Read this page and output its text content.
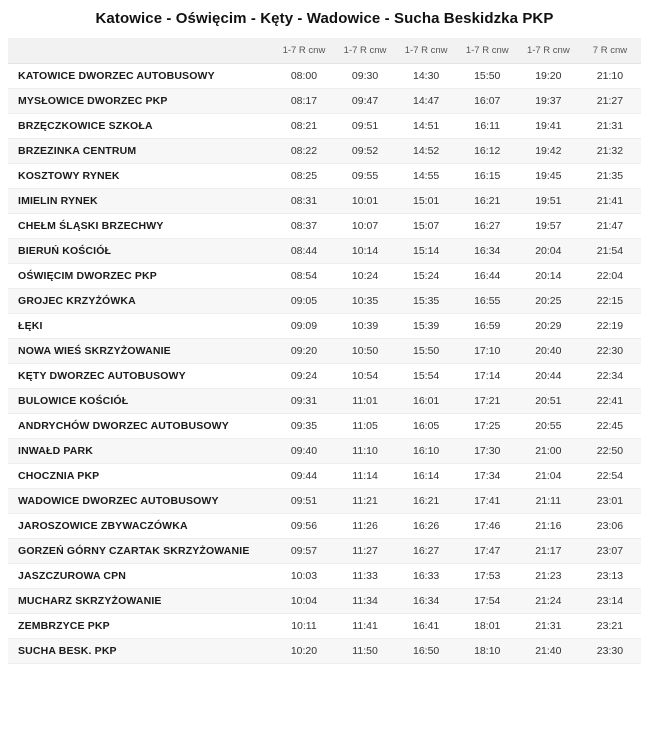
Katowice - Oświęcim - Kęty - Wadowice - Sucha Beskidzka PKP
	1-7 R cnw	1-7 R cnw	1-7 R cnw	1-7 R cnw	1-7 R cnw	7 R cnw
KATOWICE DWORZEC AUTOBUSOWY	08:00	09:30	14:30	15:50	19:20	21:10
MYSŁOWICE DWORZEC PKP	08:17	09:47	14:47	16:07	19:37	21:27
BRZĘCZKOWICE SZKOŁA	08:21	09:51	14:51	16:11	19:41	21:31
BRZEZINKA CENTRUM	08:22	09:52	14:52	16:12	19:42	21:32
KOSZTOWY RYNEK	08:25	09:55	14:55	16:15	19:45	21:35
IMIELIN RYNEK	08:31	10:01	15:01	16:21	19:51	21:41
CHEŁM ŚLĄSKI BRZECHWY	08:37	10:07	15:07	16:27	19:57	21:47
BIERUŃ KOŚCIÓŁ	08:44	10:14	15:14	16:34	20:04	21:54
OŚWIĘCIM DWORZEC PKP	08:54	10:24	15:24	16:44	20:14	22:04
GROJEC KRZYŻÓWKA	09:05	10:35	15:35	16:55	20:25	22:15
ŁĘKI	09:09	10:39	15:39	16:59	20:29	22:19
NOWA WIEŚ SKRZYŻOWANIE	09:20	10:50	15:50	17:10	20:40	22:30
KĘTY DWORZEC AUTOBUSOWY	09:24	10:54	15:54	17:14	20:44	22:34
BULOWICE KOŚCIÓŁ	09:31	11:01	16:01	17:21	20:51	22:41
ANDRYCHÓW DWORZEC AUTOBUSOWY	09:35	11:05	16:05	17:25	20:55	22:45
INWAŁD PARK	09:40	11:10	16:10	17:30	21:00	22:50
CHOCZNIA PKP	09:44	11:14	16:14	17:34	21:04	22:54
WADOWICE DWORZEC AUTOBUSOWY	09:51	11:21	16:21	17:41	21:11	23:01
JAROSZOWICE ZBYWACZÓWKA	09:56	11:26	16:26	17:46	21:16	23:06
GORZEŃ GÓRNY CZARTAK SKRZYŻOWANIE	09:57	11:27	16:27	17:47	21:17	23:07
JASZCZUROWA CPN	10:03	11:33	16:33	17:53	21:23	23:13
MUCHARZ SKRZYŻOWANIE	10:04	11:34	16:34	17:54	21:24	23:14
ZEMBRZYCE PKP	10:11	11:41	16:41	18:01	21:31	23:21
SUCHA BESK. PKP	10:20	11:50	16:50	18:10	21:40	23:30
